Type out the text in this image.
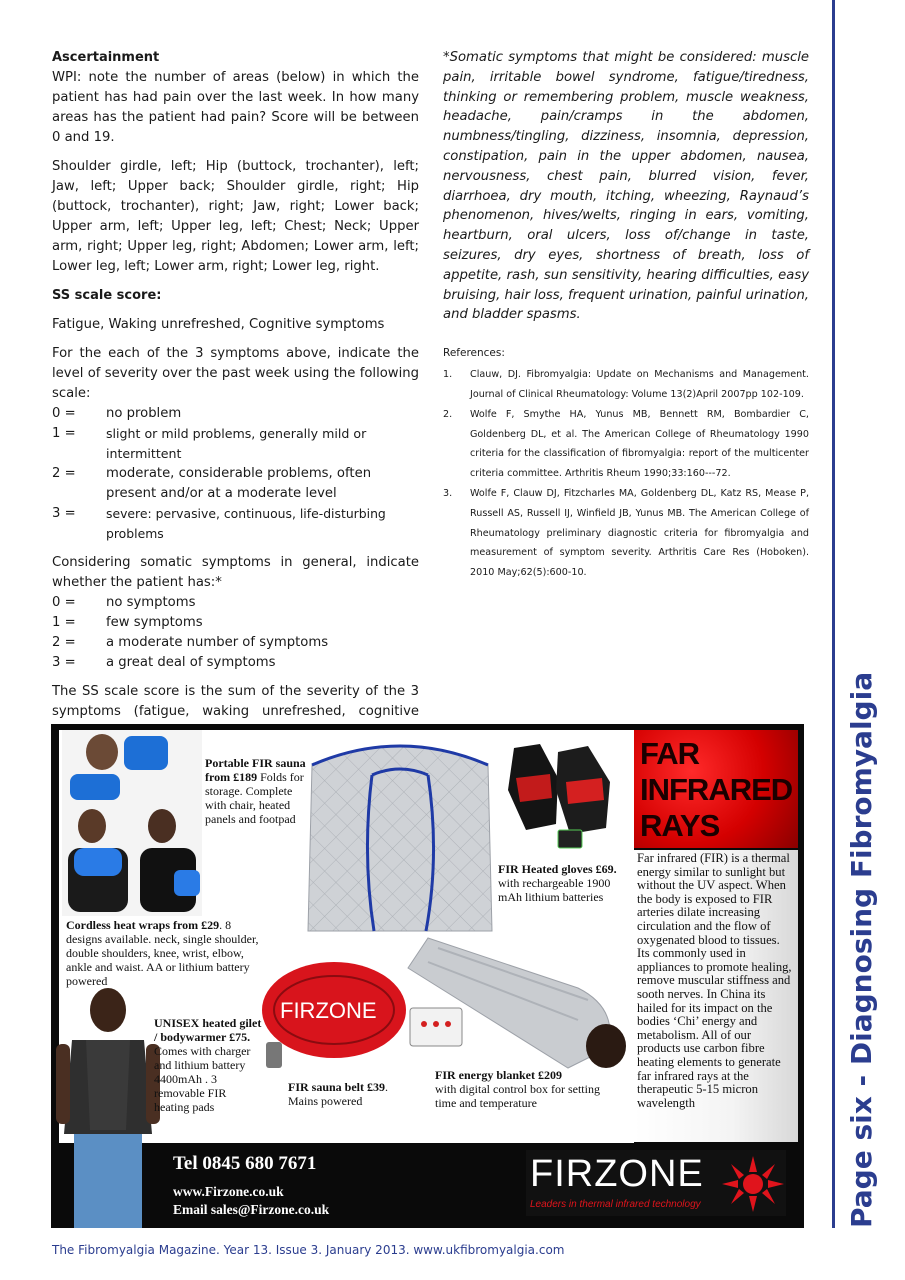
Page six - Diagnosing Fibromyalgia
Ascertainment

WPI: note the number of areas (below) in which the patient has had pain over the last week. In how many areas has the patient had pain? Score will be between 0 and 19.

Shoulder girdle, left; Hip (buttock, trochanter), left; Jaw, left; Upper back; Shoulder girdle, right; Hip (buttock, trochanter), right; Jaw, right; Lower back; Upper arm, left; Upper leg, left; Chest; Neck; Upper arm, right; Upper leg, right; Abdomen; Lower arm, left; Lower leg, left; Lower arm, right; Lower leg, right.

SS scale score:

Fatigue, Waking unrefreshed, Cognitive symptoms

For the each of the 3 symptoms above, indicate the level of severity over the past week using the following scale:

0 =	no problem
1 =	slight or mild problems, generally mild or intermittent
2 =	moderate, considerable problems, often present and/or at a moderate level
3 =	severe: pervasive, continuous, life-disturbing problems

Considering somatic symptoms in general, indicate whether the patient has:*

0 =	no symptoms
1 =	few symptoms
2 =	a moderate number of symptoms
3 =	a great deal of symptoms

The SS scale score is the sum of the severity of the 3 symptoms (fatigue, waking unrefreshed, cognitive

*Somatic symptoms that might be considered: muscle pain, irritable bowel syndrome, fatigue/tiredness, thinking or remembering problem, muscle weakness, headache, pain/cramps in the abdomen, numbness/tingling, dizziness, insomnia, depression, constipation, pain in the upper abdomen, nausea, nervousness, chest pain, blurred vision, fever, diarrhoea, dry mouth, itching, wheezing, Raynaud’s phenomenon, hives/welts, ringing in ears, vomiting, heartburn, oral ulcers, loss of/change in taste, seizures, dry eyes, shortness of breath, loss of appetite, rash, sun sensitivity, hearing difficulties, easy bruising, hair loss, frequent urination, painful urination, and bladder spasms.

References:
1.	Clauw, DJ. Fibromyalgia: Update on Mechanisms and Management. Journal of Clinical Rheumatology: Volume 13(2)April 2007pp 102-109.
2.	Wolfe F, Smythe HA, Yunus MB, Bennett RM, Bombardier C, Goldenberg DL, et al. The American College of Rheumatology 1990 criteria for the classification of fibromyalgia: report of the multicenter criteria committee. Arthritis Rheum 1990;33:160---72.
3.	Wolfe F, Clauw DJ, Fitzcharles MA, Goldenberg DL, Katz RS, Mease P, Russell AS, Russell IJ, Winfield JB, Yunus MB. The American College of Rheumatology preliminary diagnostic criteria for fibromyalgia and measurement of symptom severity. Arthritis Care Res (Hoboken). 2010 May;62(5):600-10.
FIRZONE
Portable FIR sauna from £189 Folds for storage. Complete with chair, heated panels and footpad
FIR Heated gloves £69.
with rechargeable 1900 mAh lithium batteries
Cordless heat wraps from £29. 8 designs available. neck, single shoulder, double shoulders, knee, wrist, elbow, ankle and waist. AA or lithium battery powered
UNISEX heated gilet / bodywarmer £75. Comes with charger and lithium battery 4400mAh . 3 removable FIR heating pads
FIR sauna belt £39. Mains powered
FIR energy blanket £209
with digital control box for setting time and temperature
FAR INFRARED RAYS
Far infrared (FIR) is a thermal energy similar to sunlight but without the UV aspect. When the body is exposed to FIR arteries dilate increasing circulation and the flow of oxygenated blood to tissues. Its commonly used in appliances to promote healing, remove muscular stiffness and sooth nerves. In China its hailed for its impact on the bodies ‘Chi’ energy and metabolism. All of our products use carbon fibre heating elements to generate far infrared rays at the therapeutic 5-15 micron wavelength
Tel 0845 680 7671
www.Firzone.co.uk
Email sales@Firzone.co.uk
FIRZONE
Leaders in thermal infrared technology
The Fibromyalgia Magazine. Year 13. Issue 3. January 2013. www.ukfibromyalgia.com
